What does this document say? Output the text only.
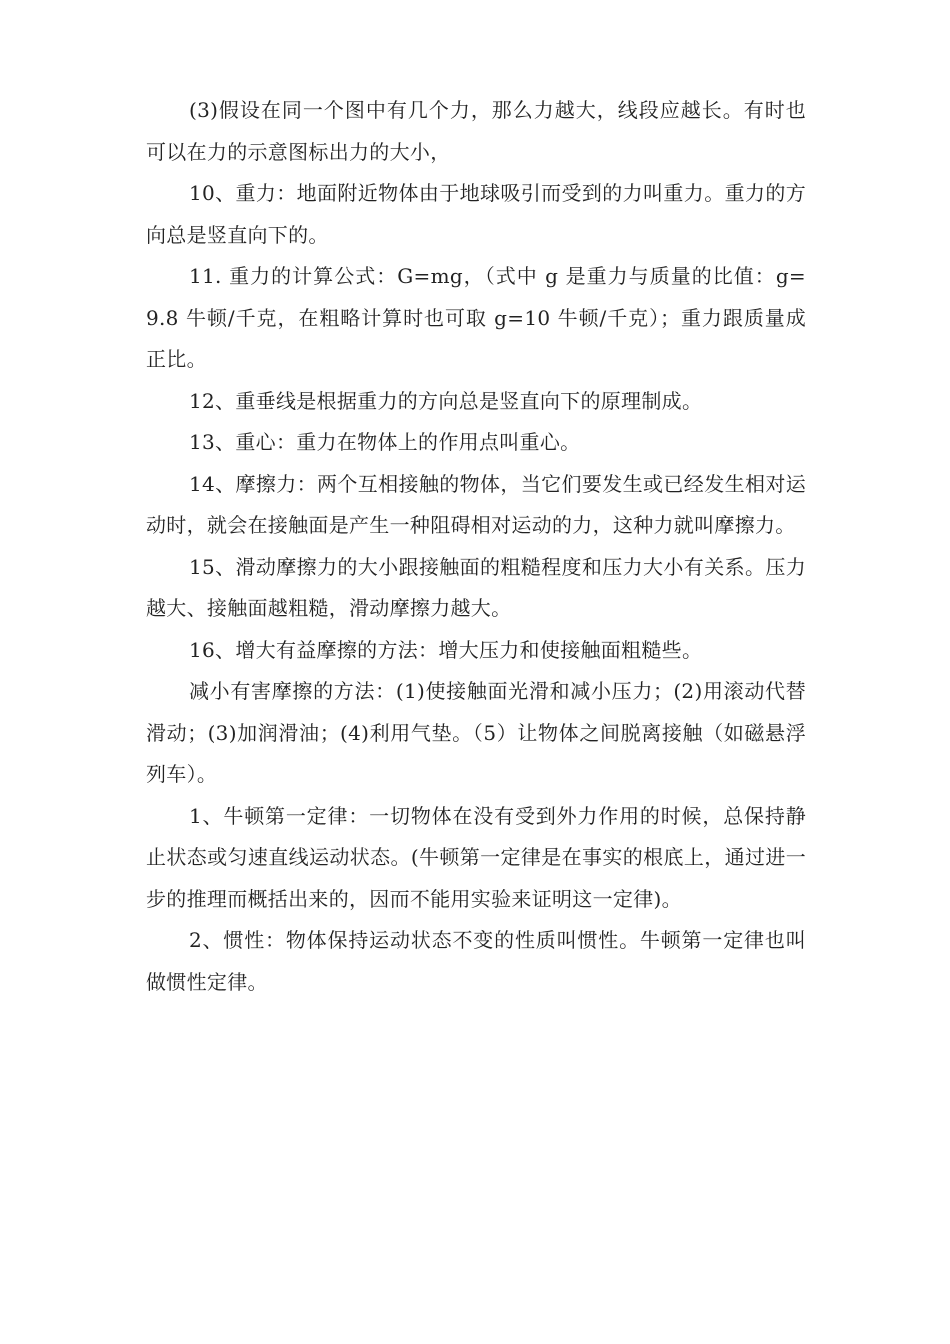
(3)假设在同一个图中有几个力，那么力越大，线段应越长。有时也可以在力的示意图标出力的大小，

10、重力：地面附近物体由于地球吸引而受到的力叫重力。重力的方向总是竖直向下的。

11. 重力的计算公式：G=mg，（式中 g 是重力与质量的比值：g=9.8 牛顿/千克，在粗略计算时也可取 g=10 牛顿/千克）；重力跟质量成正比。

12、重垂线是根据重力的方向总是竖直向下的原理制成。

13、重心：重力在物体上的作用点叫重心。

14、摩擦力：两个互相接触的物体，当它们要发生或已经发生相对运动时，就会在接触面是产生一种阻碍相对运动的力，这种力就叫摩擦力。

15、滑动摩擦力的大小跟接触面的粗糙程度和压力大小有关系。压力越大、接触面越粗糙，滑动摩擦力越大。

16、增大有益摩擦的方法：增大压力和使接触面粗糙些。

减小有害摩擦的方法：(1)使接触面光滑和减小压力；(2)用滚动代替滑动；(3)加润滑油；(4)利用气垫。（5）让物体之间脱离接触（如磁悬浮列车）。

1、牛顿第一定律：一切物体在没有受到外力作用的时候，总保持静止状态或匀速直线运动状态。(牛顿第一定律是在事实的根底上，通过进一步的推理而概括出来的，因而不能用实验来证明这一定律)。

2、惯性：物体保持运动状态不变的性质叫惯性。牛顿第一定律也叫做惯性定律。
